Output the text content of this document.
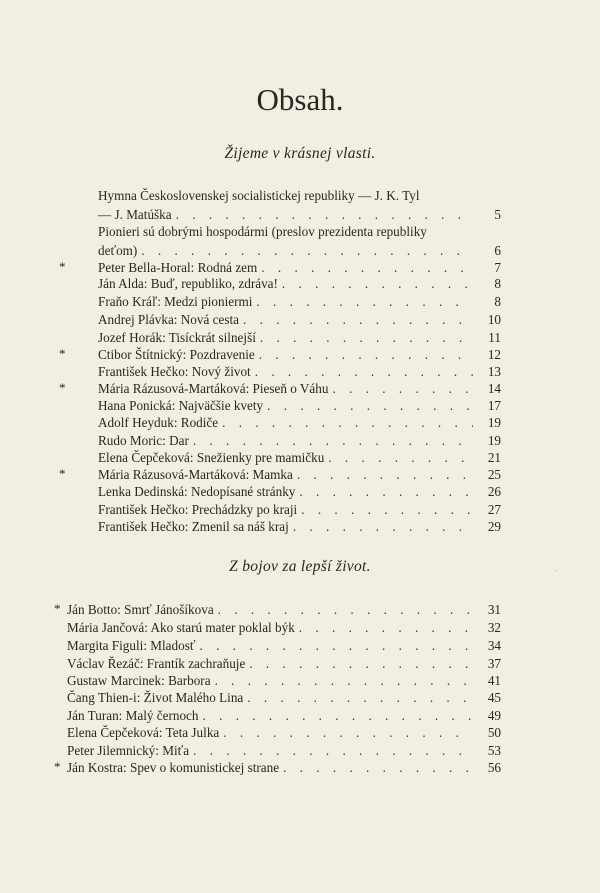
Obsah.
Žijeme v krásnej vlasti.
Hymna Československej socialistickej republiky — J. K. Tyl
— J. Matúška . . .	5
Pionieri sú dobrými hospodármi (preslov prezidenta republiky
deťom) . . .	6
Peter Bella-Horal: Rodná zem . . .	7
*
Ján Alda: Buď, republiko, zdráva! . . .	8
Fraňo Kráľ: Medzi pioniermi . . .	8
Andrej Plávka: Nová cesta . . .	10
Jozef Horák: Tisíckrát silnejší . . .	11
Ctibor Štítnický: Pozdravenie . . .	12
*
František Hečko: Nový život . . .	13
Mária Rázusová-Martáková: Pieseň o Váhu . . .	14
*
Hana Ponická: Najväčšie kvety . . .	17
Adolf Heyduk: Rodiče . . .	19
Rudo Moric: Dar . . .	19
Elena Čepčeková: Snežienky pre mamičku . . .	21
Mária Rázusová-Martáková: Mamka . . .	25
*
Lenka Dedinská: Nedopísané stránky . . .	26
František Hečko: Prechádzky po kraji . . .	27
František Hečko: Zmenil sa náš kraj . . .	29
Z bojov za lepší život.
Ján Botto: Smrť Jánošíkova . . .	31
*
Mária Jančová: Ako starú mater poklal býk . . .	32
Margita Figuli: Mladosť . . .	34
Václav Řezáč: Frantík zachraňuje . . .	37
Gustaw Marcinek: Barbora . . .	41
Čang Thien-i: Život Malého Lina . . .	45
Ján Turan: Malý černoch . . .	49
Elena Čepčeková: Teta Julka . . .	50
Peter Jilemnický: Miťa . . .	53
Ján Kostra: Spev o komunistickej strane . . .	56
*
ˎ
